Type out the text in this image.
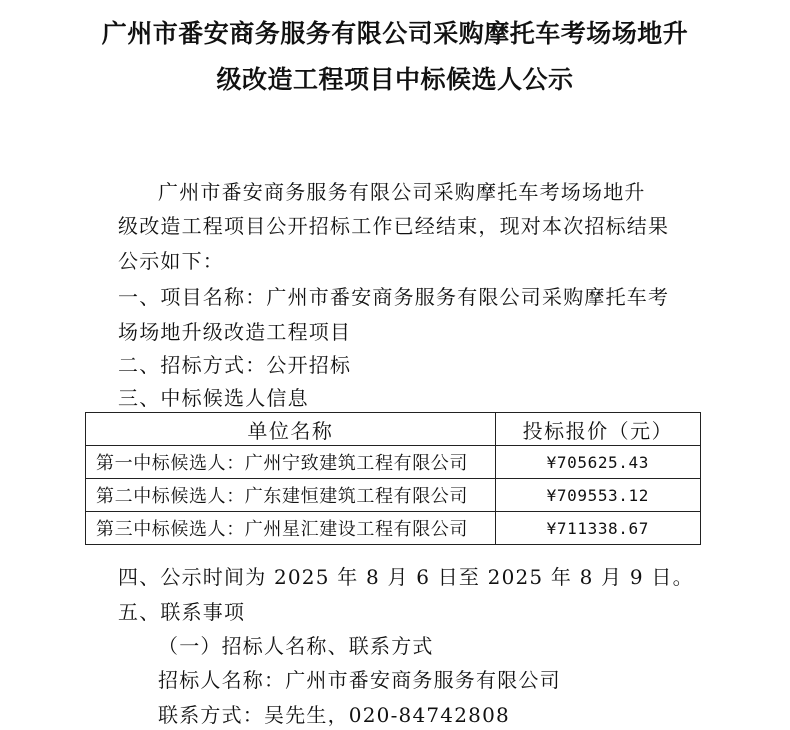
广州市番安商务服务有限公司采购摩托车考场场地升
级改造工程项目中标候选人公示
广州市番安商务服务有限公司采购摩托车考场场地升
级改造工程项目公开招标工作已经结束，现对本次招标结果
公示如下：
一、项目名称：广州市番安商务服务有限公司采购摩托车考
场场地升级改造工程项目
二、招标方式：公开招标
三、中标候选人信息
单位名称	投标报价（元）
第一中标候选人：广州宁致建筑工程有限公司	¥705625.43
第二中标候选人：广东建恒建筑工程有限公司	¥709553.12
第三中标候选人：广州星汇建设工程有限公司	¥711338.67
四、公示时间为 2025 年 8 月 6 日至 2025 年 8 月 9 日。
五、联系事项
（一）招标人名称、联系方式
招标人名称：广州市番安商务服务有限公司
联系方式：吴先生，020-84742808
